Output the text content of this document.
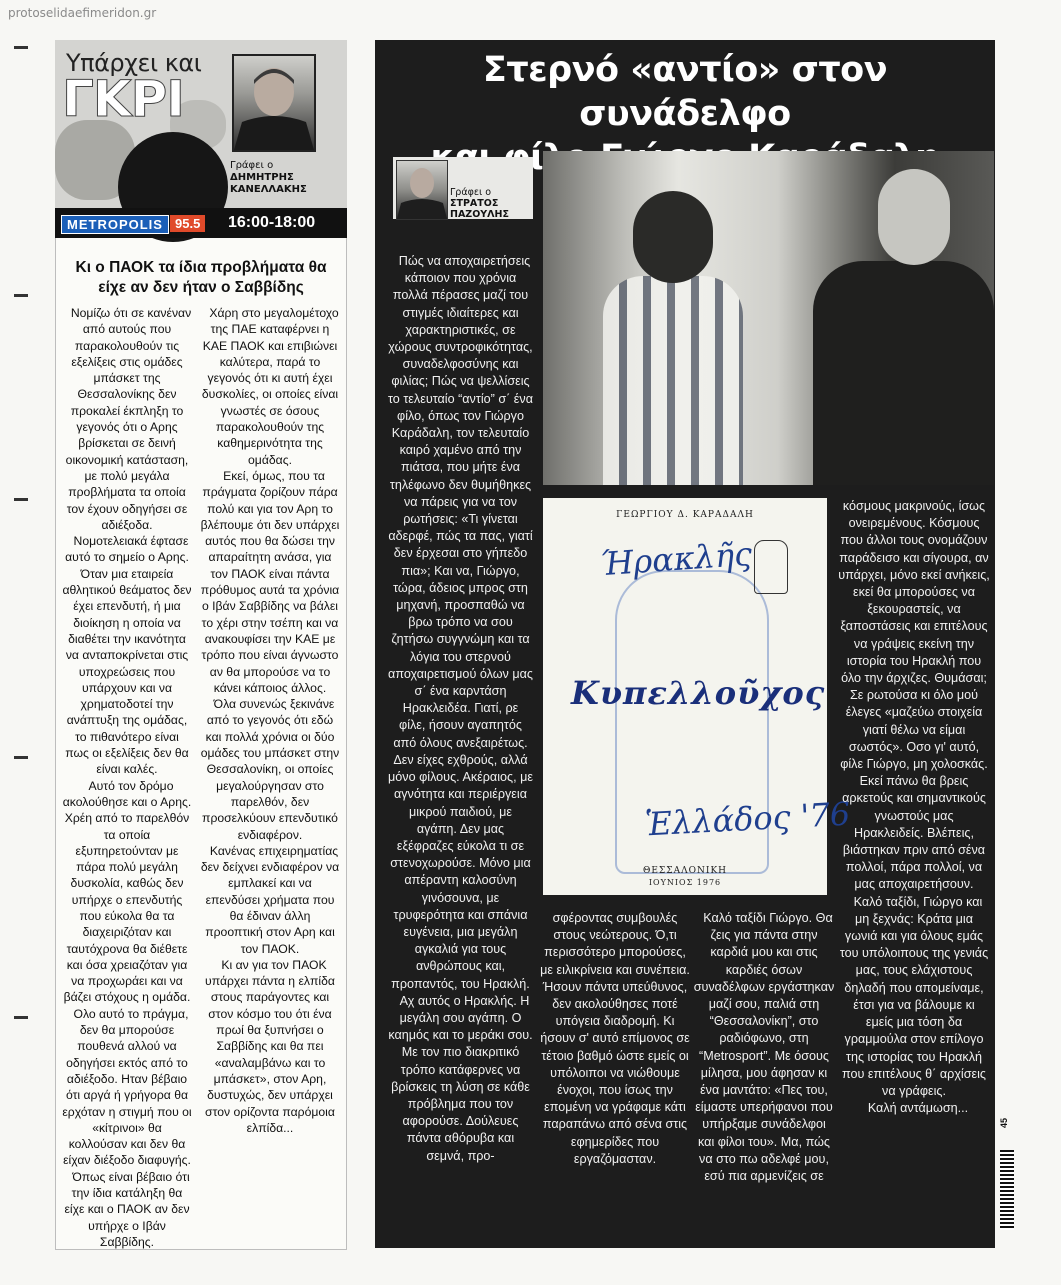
protoselidaefimeridon.gr
Υπάρχει και
ΓΚΡΙ
Γράφει ο
ΔΗΜΗΤΡΗΣ
ΚΑΝΕΛΛΑΚΗΣ
METROPOLIS 95.5	16:00-18:00
Κι ο ΠΑΟΚ τα ίδια προβλήματα θα είχε αν δεν ήταν ο Σαββίδης

Νομίζω ότι σε κανέναν από αυτούς που παρακολουθούν τις εξελίξεις στις ομάδες μπάσκετ της Θεσσαλονίκης δεν προκαλεί έκπληξη το γεγονός ότι ο Αρης βρίσκεται σε δεινή οικονομική κατάσταση, με πολύ μεγάλα προβλήματα τα οποία τον έχουν οδηγήσει σε αδιέξοδα.

Νομοτελειακά έφτασε αυτό το σημείο ο Αρης. Όταν μια εταιρεία αθλητικού θεάματος δεν έχει επενδυτή, ή μια διοίκηση η οποία να διαθέτει την ικανότητα να ανταποκρίνεται στις υποχρεώσεις που υπάρχουν και να χρηματοδοτεί την ανάπτυξη της ομάδας, το πιθανότερο είναι πως οι εξελίξεις δεν θα είναι καλές.

Αυτό τον δρόμο ακολούθησε και ο Αρης. Χρέη από το παρελθόν τα οποία εξυπηρετούνταν με πάρα πολύ μεγάλη δυσκολία, καθώς δεν υπήρχε ο επενδυτής που εύκολα θα τα διαχειριζόταν και ταυτόχρονα θα διέθετε και όσα χρειαζόταν για να προχωράει και να βάζει στόχους η ομάδα.

Ολο αυτό το πράγμα, δεν θα μπορούσε πουθενά αλλού να οδηγήσει εκτός από το αδιέξοδο. Ηταν βέβαιο ότι αργά ή γρήγορα θα ερχόταν η στιγμή που οι «κίτρινοι» θα κολλούσαν και δεν θα είχαν διέξοδο διαφυγής.

Όπως είναι βέβαιο ότι την ίδια κατάληξη θα είχε και ο ΠΑΟΚ αν δεν υπήρχε ο Ιβάν Σαββίδης.

Χάρη στο μεγαλομέτοχο της ΠΑΕ καταφέρνει η ΚΑΕ ΠΑΟΚ και επιβιώνει καλύτερα, παρά το γεγονός ότι κι αυτή έχει δυσκολίες, οι οποίες είναι γνωστές σε όσους παρακολουθούν της καθημερινότητα της ομάδας.

Εκεί, όμως, που τα πράγματα ζορίζουν πάρα πολύ και για τον Αρη το βλέπουμε ότι δεν υπάρχει αυτός που θα δώσει την απαραίτητη ανάσα, για τον ΠΑΟΚ είναι πάντα πρόθυμος αυτά τα χρόνια ο Ιβάν Σαββίδης να βάλει το χέρι στην τσέπη και να ανακουφίσει την ΚΑΕ με τρόπο που είναι άγνωστο αν θα μπορούσε να το κάνει κάποιος άλλος.

Όλα συνενώς ξεκινάνε από το γεγονός ότι εδώ και πολλά χρόνια οι δύο ομάδες του μπάσκετ στην Θεσσαλονίκη, οι οποίες μεγαλούργησαν στο παρελθόν, δεν προσελκύουν επενδυτικό ενδιαφέρον.

Κανένας επιχειρηματίας δεν δείχνει ενδιαφέρον να εμπλακεί και να επενδύσει χρήματα που θα έδιναν άλλη προοπτική στον Αρη και τον ΠΑΟΚ.

Κι αν για τον ΠΑΟΚ υπάρχει πάντα η ελπίδα στους παράγοντες και στον κόσμο του ότι ένα πρωί θα ξυπνήσει ο Σαββίδης και θα πει «αναλαμβάνω και το μπάσκετ», στον Αρη, δυστυχώς, δεν υπάρχει στον ορίζοντα παρόμοια ελπίδα...

Στερνό «αντίο» στον συνάδελφο
Γράφει ο
ΣΤΡΑΤΟΣ
ΠΑΖΟΥΛΗΣ
ΓΕΩΡΓΙΟΥ Δ. ΚΑΡΑΔΑΛΗ
Ήρακλῆς
Κυπελλοῦχος
Ἑλλάδος '76
ΘΕΣΣΑΛΟΝΙΚΗ
ΙΟΥΝΙΟΣ 1976

Πώς να αποχαιρετήσεις κάποιον που χρόνια πολλά πέρασες μαζί του στιγμές ιδιαίτερες και χαρακτηριστικές, σε χώρους συντροφικότητας, συναδελφοσύνης και φιλίας; Πώς να ψελλίσεις το τελευταίο “αντίο” σ΄ ένα φίλο, όπως τον Γιώργο Καράδαλη, τον τελευταίο καιρό χαμένο από την πιάτσα, που μήτε ένα τηλέφωνο δεν θυμήθηκες να πάρεις για να τον ρωτήσεις: «Τι γίνεται αδερφέ, πώς τα πας, γιατί δεν έρχεσαι στο γήπεδο πια»; Και να, Γιώργο, τώρα, άδειος μπρος στη μηχανή, προσπαθώ να βρω τρόπο να σου ζητήσω συγγνώμη και τα λόγια του στερνού αποχαιρετισμού όλων μας σ΄ ένα καρντάση Ηρακλειδέα. Γιατί, ρε φίλε, ήσουν αγαπητός από όλους ανεξαιρέτως. Δεν είχες εχθρούς, αλλά μόνο φίλους. Ακέραιος, με αγνότητα και περιέργεια μικρού παιδιού, με αγάπη. Δεν μας εξέφραζες εύκολα τι σε στενοχωρούσε. Μόνο μια απέραντη καλοσύνη γινόσουνα, με τρυφερότητα και σπάνια ευγένεια, μια μεγάλη αγκαλιά για τους ανθρώπους και, προπαντός, του Ηρακλή.

Αχ αυτός ο Ηρακλής. Η μεγάλη σου αγάπη. Ο καημός και το μεράκι σου. Με τον πιο διακριτικό τρόπο κατάφερνες να βρίσκεις τη λύση σε κάθε πρόβλημα που τον αφορούσε. Δούλευες πάντα αθόρυβα και σεμνά, προ-

σφέροντας συμβουλές στους νεώτερους. Ό,τι περισσότερο μπορούσες, με ειλικρίνεια και συνέπεια. Ήσουν πάντα υπεύθυνος, δεν ακολούθησες ποτέ υπόγεια διαδρομή. Κι ήσουν σ' αυτό επίμονος σε τέτοιο βαθμό ώστε εμείς οι υπόλοιποι να νιώθουμε ένοχοι, που ίσως την επομένη να γράφαμε κάτι παραπάνω από σένα στις εφημερίδες που εργαζόμασταν.

Καλό ταξίδι Γιώργο. Θα ζεις για πάντα στην καρδιά μου και στις καρδιές όσων συναδέλφων εργάστηκαν μαζί σου, παλιά στη “Θεσσαλονίκη”, στο ραδιόφωνο, στη “Metrosport”. Με όσους μίλησα, μου άφησαν κι ένα μαντάτο: «Πες του, είμαστε υπερήφανοι που υπήρξαμε συνάδελφοι και φίλοι του». Μα, πώς να στο πω αδελφέ μου, εσύ πια αρμενίζεις σε

κόσμους μακρινούς, ίσως ονειρεμένους. Κόσμους που άλλοι τους ονομάζουν παράδεισο και σίγουρα, αν υπάρχει, μόνο εκεί ανήκεις, εκεί θα μπορούσες να ξεκουραστείς, να ξαποστάσεις και επιτέλους να γράψεις εκείνη την ιστορία του Ηρακλή που όλο την άρχιζες. Θυμάσαι; Σε ρωτούσα κι όλο μού έλεγες «μαζεύω στοιχεία γιατί θέλω να είμαι σωστός». Οσο γι' αυτό, φίλε Γιώργο, μη χολοσκάς. Εκεί πάνω θα βρεις αρκετούς και σημαντικούς γνωστούς μας Ηρακλειδείς. Βλέπεις, βιάστηκαν πριν από σένα πολλοί, πάρα πολλοί, να μας αποχαιρετήσουν.

Καλό ταξίδι, Γιώργο και μη ξεχνάς: Κράτα μια γωνιά και για όλους εμάς του υπόλοιπους της γενιάς μας, τους ελάχιστους δηλαδή που απομείναμε, έτσι για να βάλουμε κι εμείς μια τόση δα γραμμούλα στον επίλογο της ιστορίας του Ηρακλή που επιτέλους θ΄ αρχίσεις να γράφεις.

Καλή αντάμωση...

45
